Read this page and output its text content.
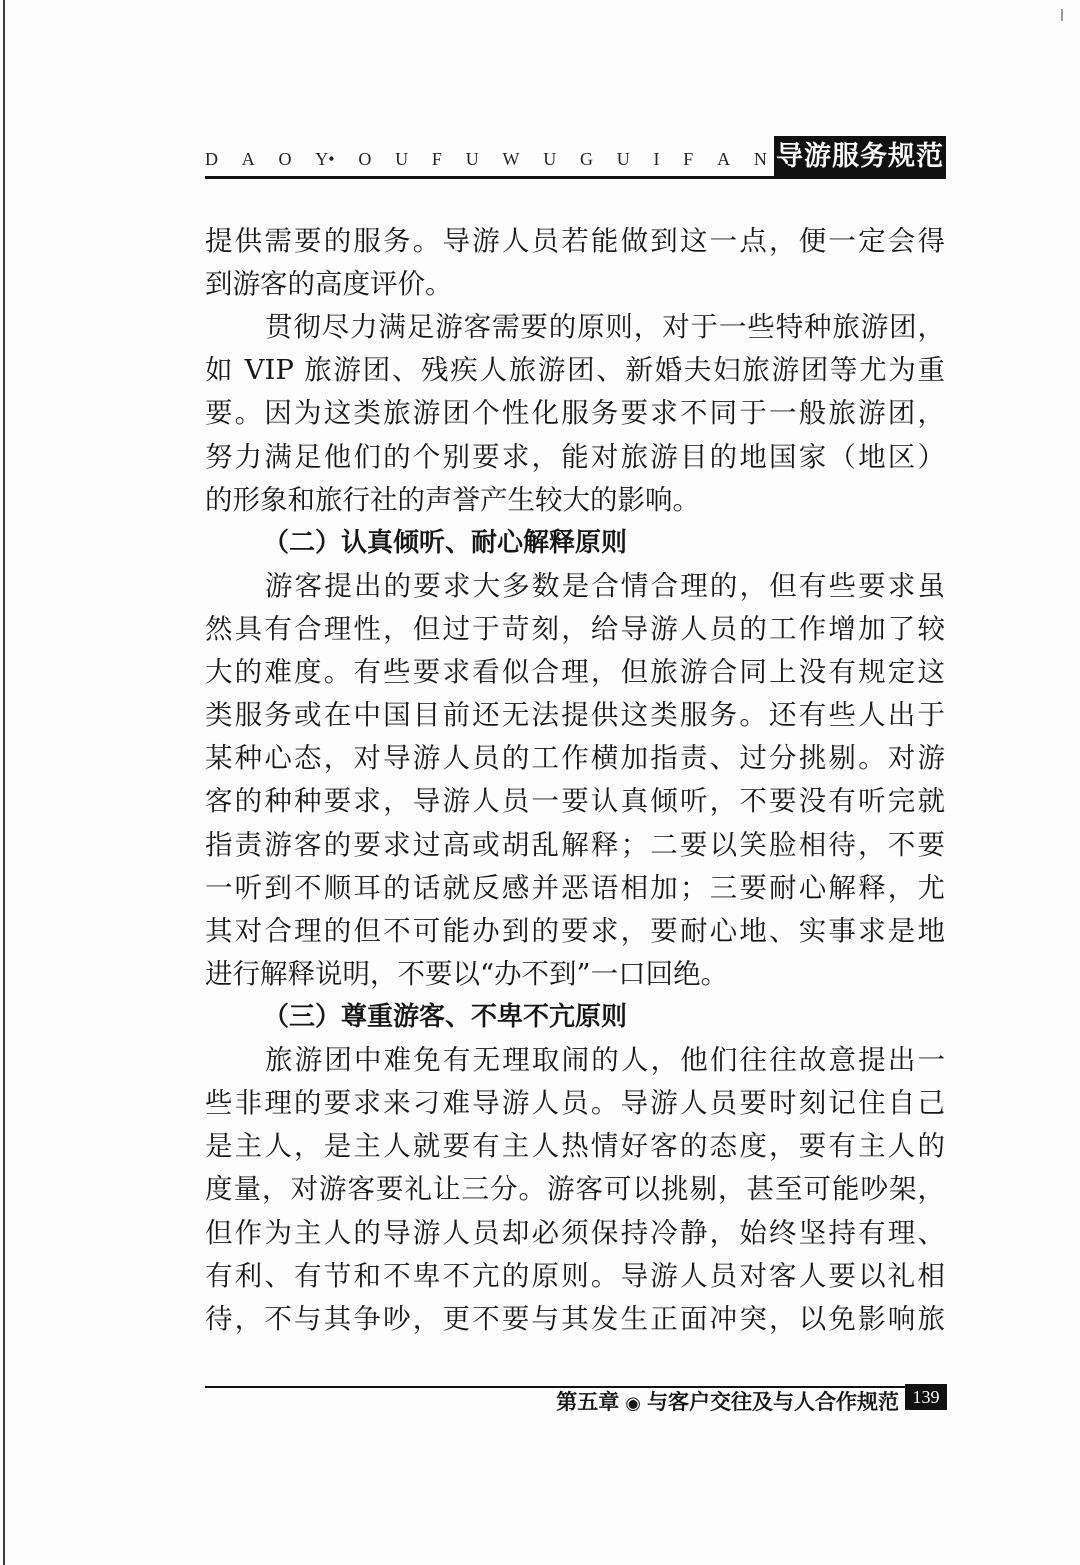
D A O Y• O U F U W U G U I F A N 导游服务规范
提供需要的服务。导游人员若能做到这一点，便一定会得
到游客的高度评价。
贯彻尽力满足游客需要的原则，对于一些特种旅游团，
如 VIP 旅游团、残疾人旅游团、新婚夫妇旅游团等尤为重
要。因为这类旅游团个性化服务要求不同于一般旅游团，
努力满足他们的个别要求，能对旅游目的地国家（地区）
的形象和旅行社的声誉产生较大的影响。
（二）认真倾听、耐心解释原则
游客提出的要求大多数是合情合理的，但有些要求虽
然具有合理性，但过于苛刻，给导游人员的工作增加了较
大的难度。有些要求看似合理，但旅游合同上没有规定这
类服务或在中国目前还无法提供这类服务。还有些人出于
某种心态，对导游人员的工作横加指责、过分挑剔。对游
客的种种要求，导游人员一要认真倾听，不要没有听完就
指责游客的要求过高或胡乱解释；二要以笑脸相待，不要
一听到不顺耳的话就反感并恶语相加；三要耐心解释，尤
其对合理的但不可能办到的要求，要耐心地、实事求是地
进行解释说明，不要以“办不到”一口回绝。
（三）尊重游客、不卑不亢原则
旅游团中难免有无理取闹的人，他们往往故意提出一
些非理的要求来刁难导游人员。导游人员要时刻记住自己
是主人，是主人就要有主人热情好客的态度，要有主人的
度量，对游客要礼让三分。游客可以挑剔，甚至可能吵架，
但作为主人的导游人员却必须保持冷静，始终坚持有理、
有利、有节和不卑不亢的原则。导游人员对客人要以礼相
待，不与其争吵，更不要与其发生正面冲突，以免影响旅
第五章 ◉ 与客户交往及与人合作规范 139
